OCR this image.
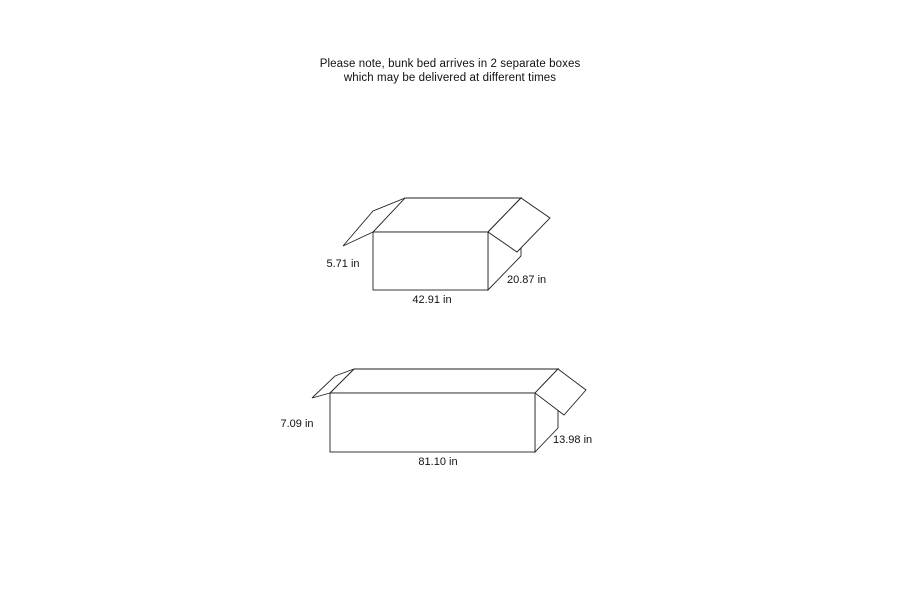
Please note, bunk bed arrives in 2 separate boxes
which may be delivered at different times
5.71 in
42.91 in
20.87 in
7.09 in
81.10 in
13.98 in
